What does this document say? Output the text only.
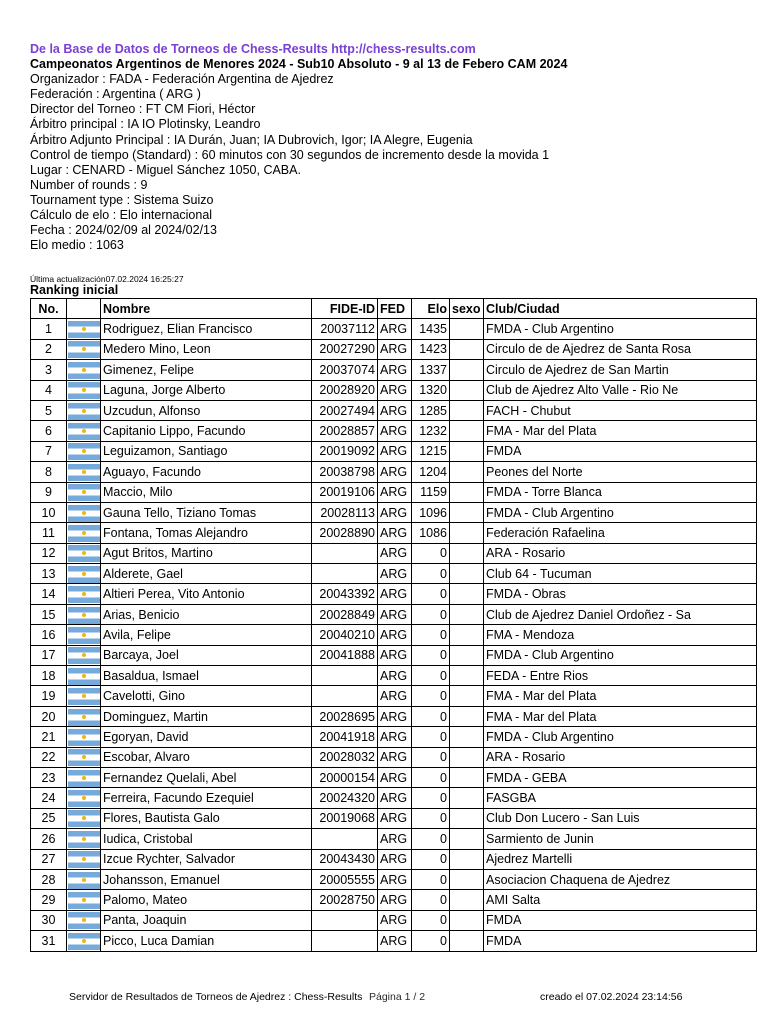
De la Base de Datos de Torneos de Chess-Results http://chess-results.com
Campeonatos Argentinos de Menores 2024 - Sub10 Absoluto - 9 al 13 de Febero CAM 2024
Organizador : FADA - Federación Argentina de Ajedrez
Federación : Argentina ( ARG )
Director del Torneo : FT CM Fiori, Héctor
Árbitro principal : IA IO Plotinsky, Leandro
Árbitro Adjunto Principal : IA Durán, Juan; IA Dubrovich, Igor; IA Alegre, Eugenia
Control de tiempo (Standard) : 60 minutos con 30 segundos de incremento desde la movida 1
Lugar : CENARD - Miguel Sánchez 1050, CABA.
Number of rounds : 9
Tournament type : Sistema Suizo
Cálculo de elo : Elo internacional
Fecha : 2024/02/09 al 2024/02/13
Elo medio : 1063
Última actualización07.02.2024 16:25:27
Ranking inicial
No.		Nombre	FIDE-ID	FED	Elo	sexo	Club/Ciudad
1		Rodriguez, Elian Francisco	20037112	ARG	1435		FMDA - Club Argentino
2		Medero Mino, Leon	20027290	ARG	1423		Circulo de de Ajedrez de Santa Rosa
3		Gimenez, Felipe	20037074	ARG	1337		Circulo de Ajedrez de San Martin
4		Laguna, Jorge Alberto	20028920	ARG	1320		Club de Ajedrez Alto Valle - Rio Ne
5		Uzcudun, Alfonso	20027494	ARG	1285		FACH - Chubut
6		Capitanio Lippo, Facundo	20028857	ARG	1232		FMA - Mar del Plata
7		Leguizamon, Santiago	20019092	ARG	1215		FMDA
8		Aguayo, Facundo	20038798	ARG	1204		Peones del Norte
9		Maccio, Milo	20019106	ARG	1159		FMDA - Torre Blanca
10		Gauna Tello, Tiziano Tomas	20028113	ARG	1096		FMDA - Club Argentino
11		Fontana, Tomas Alejandro	20028890	ARG	1086		Federación Rafaelina
12		Agut Britos, Martino		ARG	0		ARA - Rosario
13		Alderete, Gael		ARG	0		Club 64 - Tucuman
14		Altieri Perea, Vito Antonio	20043392	ARG	0		FMDA - Obras
15		Arias, Benicio	20028849	ARG	0		Club de Ajedrez Daniel Ordoñez - Sa
16		Avila, Felipe	20040210	ARG	0		FMA - Mendoza
17		Barcaya, Joel	20041888	ARG	0		FMDA - Club Argentino
18		Basaldua, Ismael		ARG	0		FEDA - Entre Rios
19		Cavelotti, Gino		ARG	0		FMA - Mar del Plata
20		Dominguez, Martin	20028695	ARG	0		FMA - Mar del Plata
21		Egoryan, David	20041918	ARG	0		FMDA - Club Argentino
22		Escobar, Alvaro	20028032	ARG	0		ARA - Rosario
23		Fernandez Quelali, Abel	20000154	ARG	0		FMDA - GEBA
24		Ferreira, Facundo Ezequiel	20024320	ARG	0		FASGBA
25		Flores, Bautista Galo	20019068	ARG	0		Club Don Lucero - San Luis
26		Iudica, Cristobal		ARG	0		Sarmiento de Junin
27		Izcue Rychter, Salvador	20043430	ARG	0		Ajedrez Martelli
28		Johansson, Emanuel	20005555	ARG	0		Asociacion Chaquena de Ajedrez
29		Palomo, Mateo	20028750	ARG	0		AMI Salta
30		Panta, Joaquin		ARG	0		FMDA
31		Picco, Luca Damian		ARG	0		FMDA
Servidor de Resultados de Torneos de Ajedrez : Chess-Results Página 1 / 2	creado el 07.02.2024 23:14:56
